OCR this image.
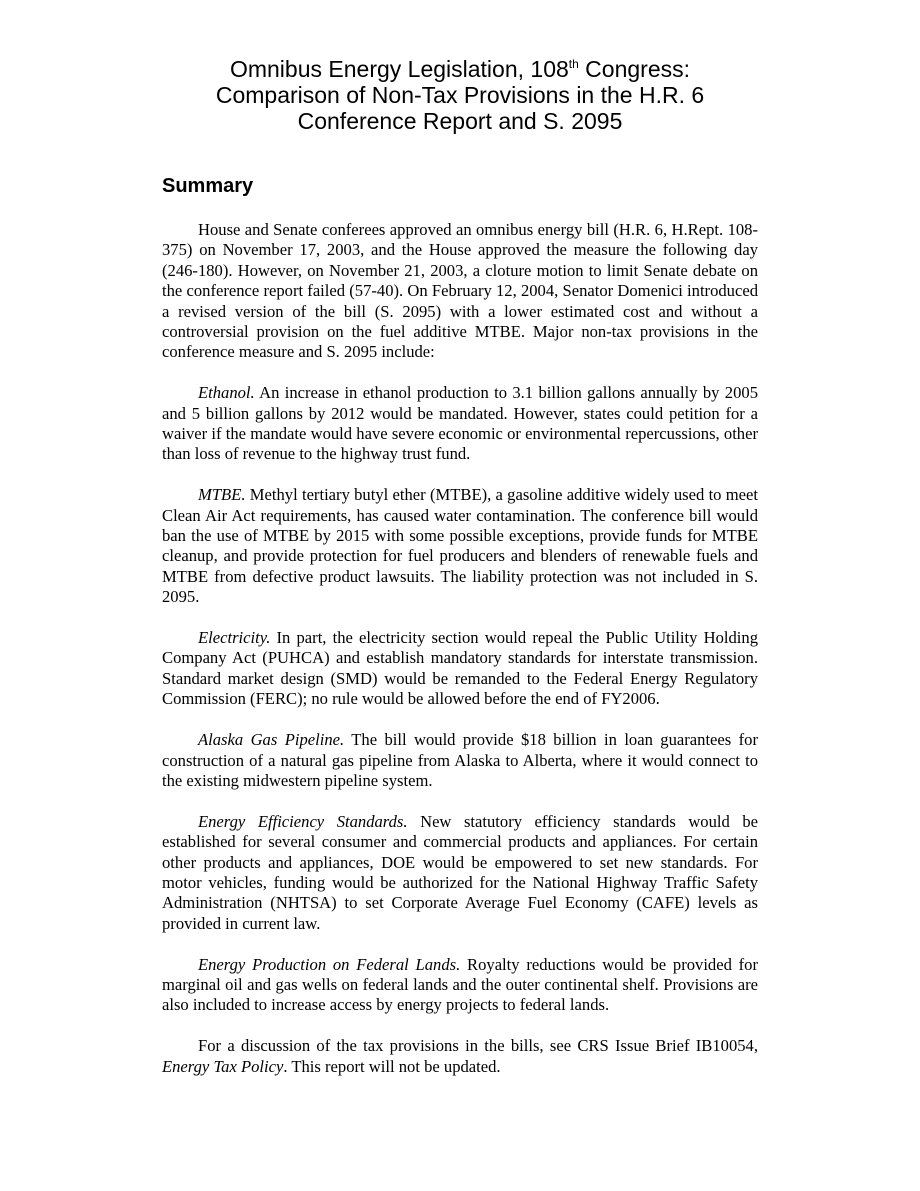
Omnibus Energy Legislation, 108th Congress:
Comparison of Non-Tax Provisions in the H.R. 6
Conference Report and S. 2095
Summary

House and Senate conferees approved an omnibus energy bill (H.R. 6, H.Rept. 108-375) on November 17, 2003, and the House approved the measure the following day (246-180). However, on November 21, 2003, a cloture motion to limit Senate debate on the conference report failed (57-40). On February 12, 2004, Senator Domenici introduced a revised version of the bill (S. 2095) with a lower estimated cost and without a controversial provision on the fuel additive MTBE. Major non-tax provisions in the conference measure and S. 2095 include:

Ethanol. An increase in ethanol production to 3.1 billion gallons annually by 2005 and 5 billion gallons by 2012 would be mandated. However, states could petition for a waiver if the mandate would have severe economic or environmental repercussions, other than loss of revenue to the highway trust fund.

MTBE. Methyl tertiary butyl ether (MTBE), a gasoline additive widely used to meet Clean Air Act requirements, has caused water contamination. The conference bill would ban the use of MTBE by 2015 with some possible exceptions, provide funds for MTBE cleanup, and provide protection for fuel producers and blenders of renewable fuels and MTBE from defective product lawsuits. The liability protection was not included in S. 2095.

Electricity. In part, the electricity section would repeal the Public Utility Holding Company Act (PUHCA) and establish mandatory standards for interstate transmission. Standard market design (SMD) would be remanded to the Federal Energy Regulatory Commission (FERC); no rule would be allowed before the end of FY2006.

Alaska Gas Pipeline. The bill would provide $18 billion in loan guarantees for construction of a natural gas pipeline from Alaska to Alberta, where it would connect to the existing midwestern pipeline system.

Energy Efficiency Standards. New statutory efficiency standards would be established for several consumer and commercial products and appliances. For certain other products and appliances, DOE would be empowered to set new standards. For motor vehicles, funding would be authorized for the National Highway Traffic Safety Administration (NHTSA) to set Corporate Average Fuel Economy (CAFE) levels as provided in current law.

Energy Production on Federal Lands. Royalty reductions would be provided for marginal oil and gas wells on federal lands and the outer continental shelf. Provisions are also included to increase access by energy projects to federal lands.

For a discussion of the tax provisions in the bills, see CRS Issue Brief IB10054, Energy Tax Policy. This report will not be updated.
